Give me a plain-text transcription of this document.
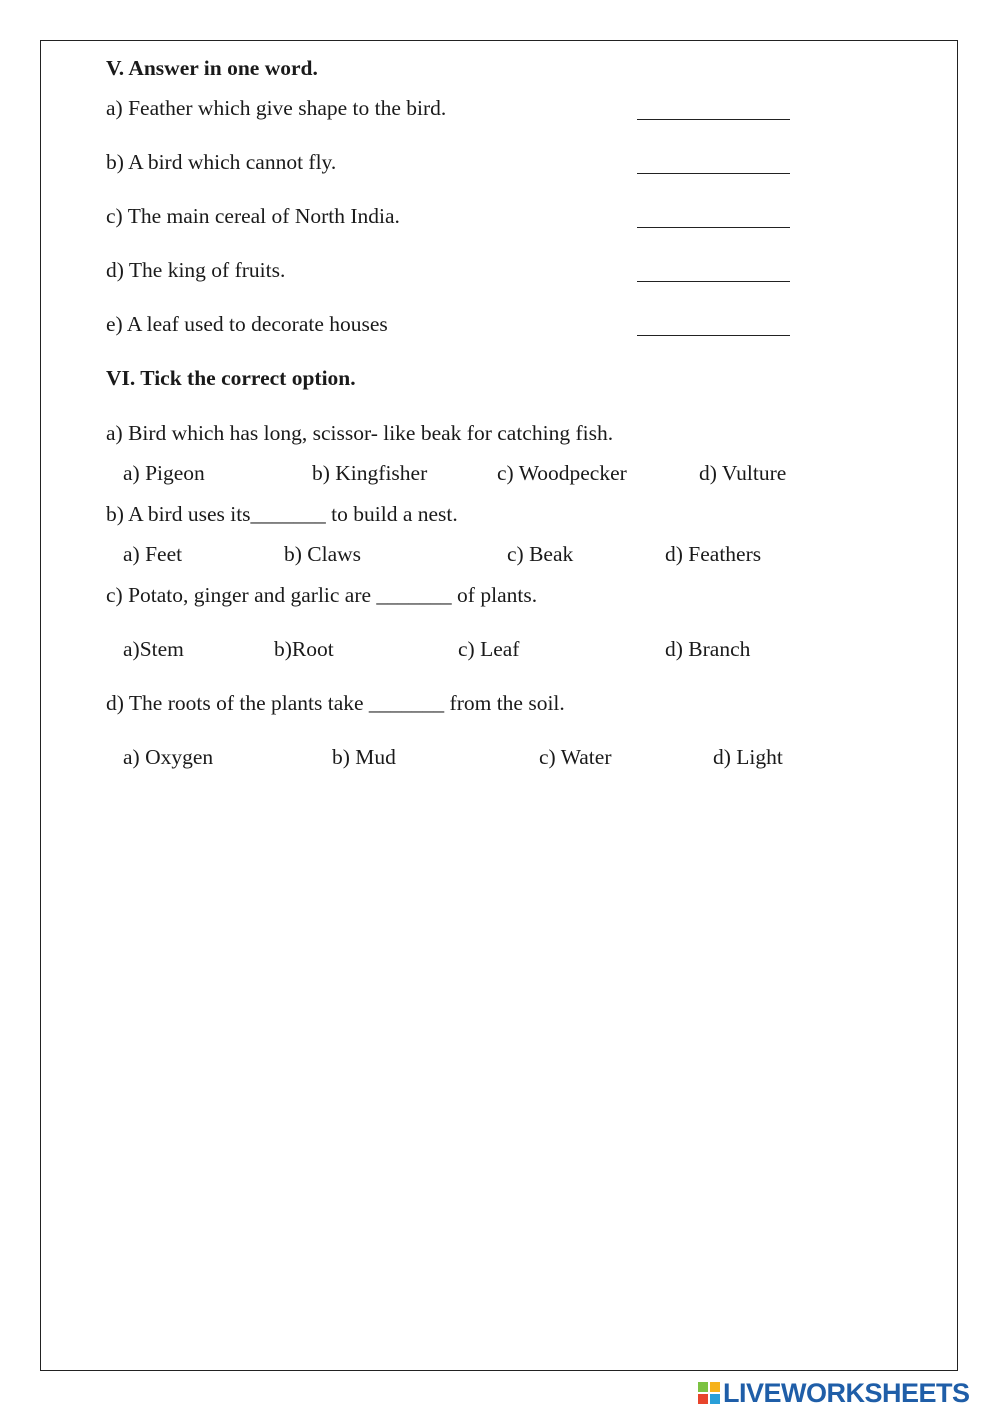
V. Answer in one word.
a) Feather which give shape to the bird.
b) A bird which cannot fly.
c) The main cereal of North India.
d) The king of fruits.
e) A leaf used to decorate houses
VI. Tick the correct option.
a) Bird which has long, scissor- like beak for catching fish.
a) Pigeon	b) Kingfisher	c) Woodpecker	d) Vulture
b) A bird uses its_______ to build a nest.
a) Feet	b) Claws	c) Beak	d) Feathers
c) Potato, ginger and garlic are _______ of plants.
a)Stem	b)Root	c) Leaf	d) Branch
d) The roots of the plants take _______ from the soil.
a) Oxygen	b) Mud	c) Water	d) Light
LIVEWORKSHEETS
